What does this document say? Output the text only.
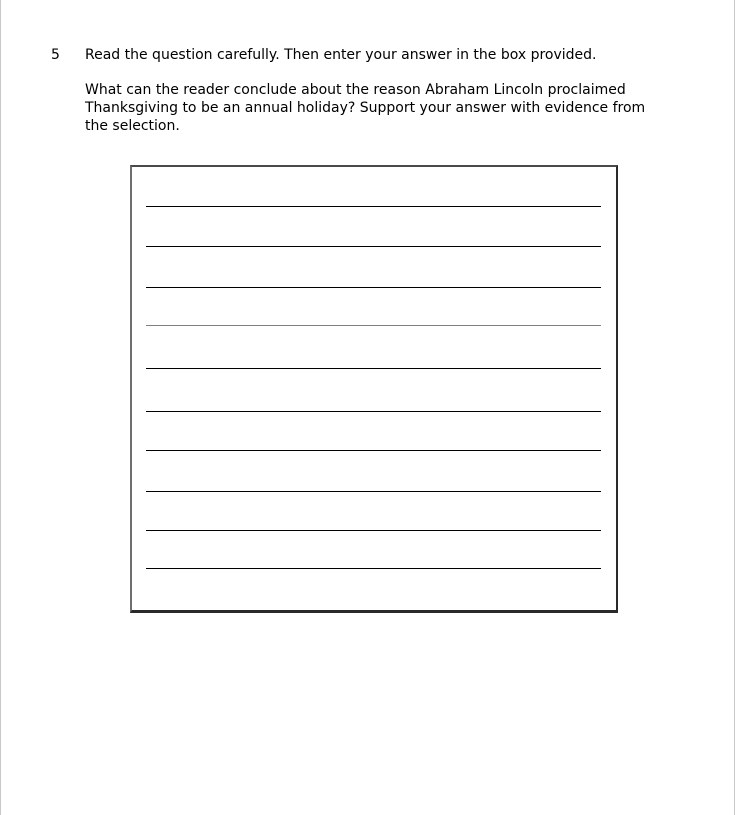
5 Read the question carefully. Then enter your answer in the box provided.
What can the reader conclude about the reason Abraham Lincoln proclaimed
Thanksgiving to be an annual holiday? Support your answer with evidence from
the selection.
